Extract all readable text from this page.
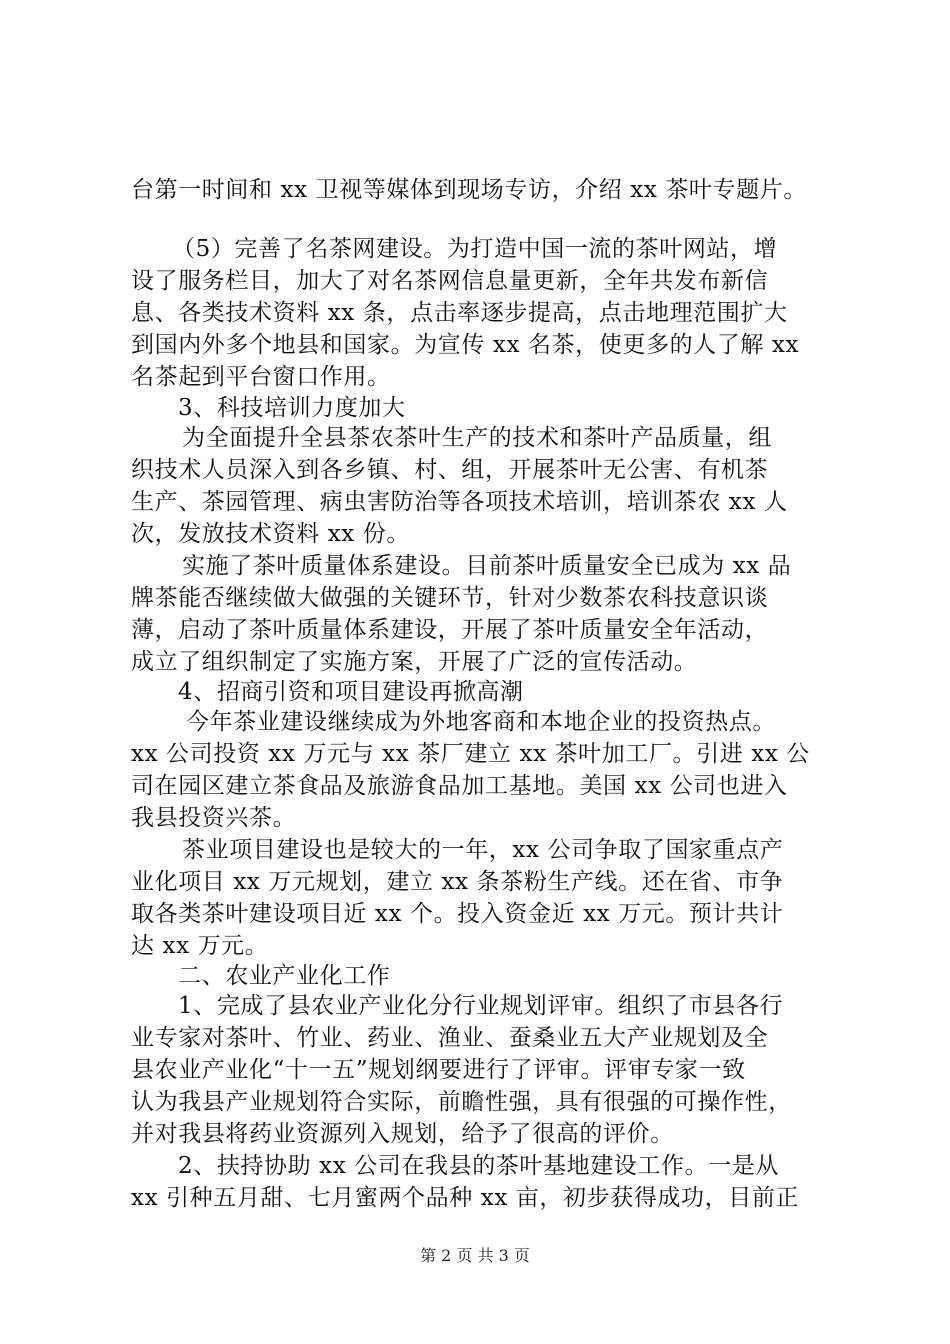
台第一时间和 xx 卫视等媒体到现场专访，介绍 xx 茶叶专题片。
（5）完善了名茶网建设。为打造中国一流的茶叶网站，增
设了服务栏目，加大了对名茶网信息量更新，全年共发布新信
息、各类技术资料 xx 条，点击率逐步提高，点击地理范围扩大
到国内外多个地县和国家。为宣传 xx 名茶，使更多的人了解 xx
名茶起到平台窗口作用。
3、科技培训力度加大
为全面提升全县茶农茶叶生产的技术和茶叶产品质量，组
织技术人员深入到各乡镇、村、组，开展茶叶无公害、有机茶
生产、茶园管理、病虫害防治等各项技术培训，培训茶农 xx 人
次，发放技术资料 xx 份。
实施了茶叶质量体系建设。目前茶叶质量安全已成为 xx 品
牌茶能否继续做大做强的关键环节，针对少数茶农科技意识谈
薄，启动了茶叶质量体系建设，开展了茶叶质量安全年活动，
成立了组织制定了实施方案，开展了广泛的宣传活动。
4、招商引资和项目建设再掀高潮
今年茶业建设继续成为外地客商和本地企业的投资热点。
xx 公司投资 xx 万元与 xx 茶厂建立 xx 茶叶加工厂。引进 xx 公
司在园区建立茶食品及旅游食品加工基地。美国 xx 公司也进入
我县投资兴茶。
茶业项目建设也是较大的一年，xx 公司争取了国家重点产
业化项目 xx 万元规划，建立 xx 条茶粉生产线。还在省、市争
取各类茶叶建设项目近 xx 个。投入资金近 xx 万元。预计共计
达 xx 万元。
二、农业产业化工作
1、完成了县农业产业化分行业规划评审。组织了市县各行
业专家对茶叶、竹业、药业、渔业、蚕桑业五大产业规划及全
县农业产业化“十一五”规划纲要进行了评审。评审专家一致
认为我县产业规划符合实际，前瞻性强，具有很强的可操作性，
并对我县将药业资源列入规划，给予了很高的评价。
2、扶持协助 xx 公司在我县的茶叶基地建设工作。一是从
xx 引种五月甜、七月蜜两个品种 xx 亩，初步获得成功，目前正
第 2 页 共 3 页
